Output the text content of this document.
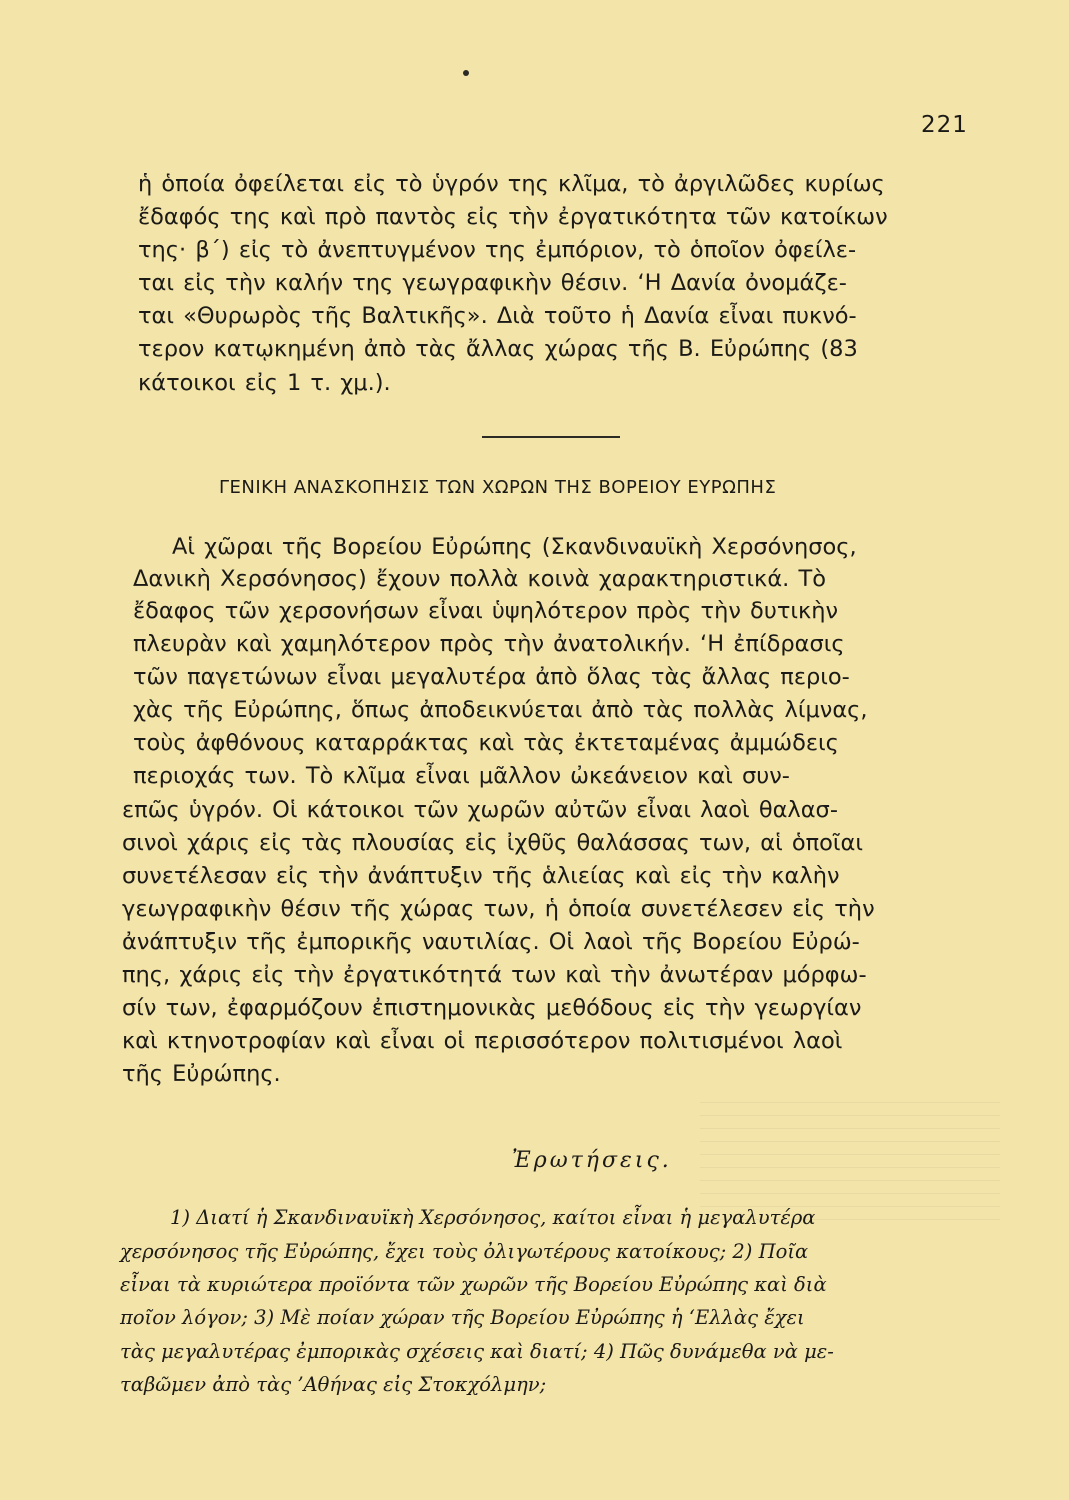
221
ἡ ὁποία ὀφείλεται εἰς τὸ ὑγρόν της κλῖμα, τὸ ἀργιλῶδες κυρίως
ἔδαφός της καὶ πρὸ παντὸς εἰς τὴν ἐργατικότητα τῶν κατοίκων
της· β΄) εἰς τὸ ἀνεπτυγμένον της ἐμπόριον, τὸ ὁποῖον ὀφείλε-
ται εἰς τὴν καλήν της γεωγραφικὴν θέσιν. ‘Η Δανία ὀνομάζε-
ται «Θυρωρὸς τῆς Βαλτικῆς». Διὰ τοῦτο ἡ Δανία εἶναι πυκνό-
τερον κατῳκημένη ἀπὸ τὰς ἄλλας χώρας τῆς Β. Εὐρώπης (83
κάτοικοι εἰς 1 τ. χμ.).
ΓΕΝΙΚΗ ΑΝΑΣΚΟΠΗΣΙΣ ΤΩΝ ΧΩΡΩΝ ΤΗΣ ΒΟΡΕΙΟΥ ΕΥΡΩΠΗΣ
Αἱ χῶραι τῆς Βορείου Εὐρώπης (Σκανδιναυϊκὴ Χερσόνησος,
Δανικὴ Χερσόνησος) ἔχουν πολλὰ κοινὰ χαρακτηριστικά. Τὸ
ἔδαφος τῶν χερσονήσων εἶναι ὑψηλότερον πρὸς τὴν δυτικὴν
πλευρὰν καὶ χαμηλότερον πρὸς τὴν ἀνατολικήν. ‘Η ἐπίδρασις
τῶν παγετώνων εἶναι μεγαλυτέρα ἀπὸ ὅλας τὰς ἄλλας περιο-
χὰς τῆς Εὐρώπης, ὅπως ἀποδεικνύεται ἀπὸ τὰς πολλὰς λίμνας,
τοὺς ἀφθόνους καταρράκτας καὶ τὰς ἐκτεταμένας ἀμμώδεις
περιοχάς των. Τὸ κλῖμα εἶναι μᾶλλον ὠκεάνειον καὶ συν-
επῶς ὑγρόν. Οἱ κάτοικοι τῶν χωρῶν αὐτῶν εἶναι λαοὶ θαλασ-
σινοὶ χάρις εἰς τὰς πλουσίας εἰς ἰχθῦς θαλάσσας των, αἱ ὁποῖαι
συνετέλεσαν εἰς τὴν ἀνάπτυξιν τῆς ἁλιείας καὶ εἰς τὴν καλὴν
γεωγραφικὴν θέσιν τῆς χώρας των, ἡ ὁποία συνετέλεσεν εἰς τὴν
ἀνάπτυξιν τῆς ἐμπορικῆς ναυτιλίας. Οἱ λαοὶ τῆς Βορείου Εὐρώ-
πης, χάρις εἰς τὴν ἐργατικότητά των καὶ τὴν ἀνωτέραν μόρφω-
σίν των, ἐφαρμόζουν ἐπιστημονικὰς μεθόδους εἰς τὴν γεωργίαν
καὶ κτηνοτροφίαν καὶ εἶναι οἱ περισσότερον πολιτισμένοι λαοὶ
τῆς Εὐρώπης.
Ἐρωτήσεις.
1) Διατί ἡ Σκανδιναυϊκὴ Χερσόνησος, καίτοι εἶναι ἡ μεγαλυτέρα
χερσόνησος τῆς Εὐρώπης, ἔχει τοὺς ὀλιγωτέρους κατοίκους; 2) Ποῖα
εἶναι τὰ κυριώτερα προϊόντα τῶν χωρῶν τῆς Βορείου Εὐρώπης καὶ διὰ
ποῖον λόγον; 3) Μὲ ποίαν χώραν τῆς Βορείου Εὐρώπης ἡ ‘Ελλὰς ἔχει
τὰς μεγαλυτέρας ἐμπορικὰς σχέσεις καὶ διατί; 4) Πῶς δυνάμεθα νὰ με-
ταβῶμεν ἀπὸ τὰς ’Αθήνας εἰς Στοκχόλμην;
